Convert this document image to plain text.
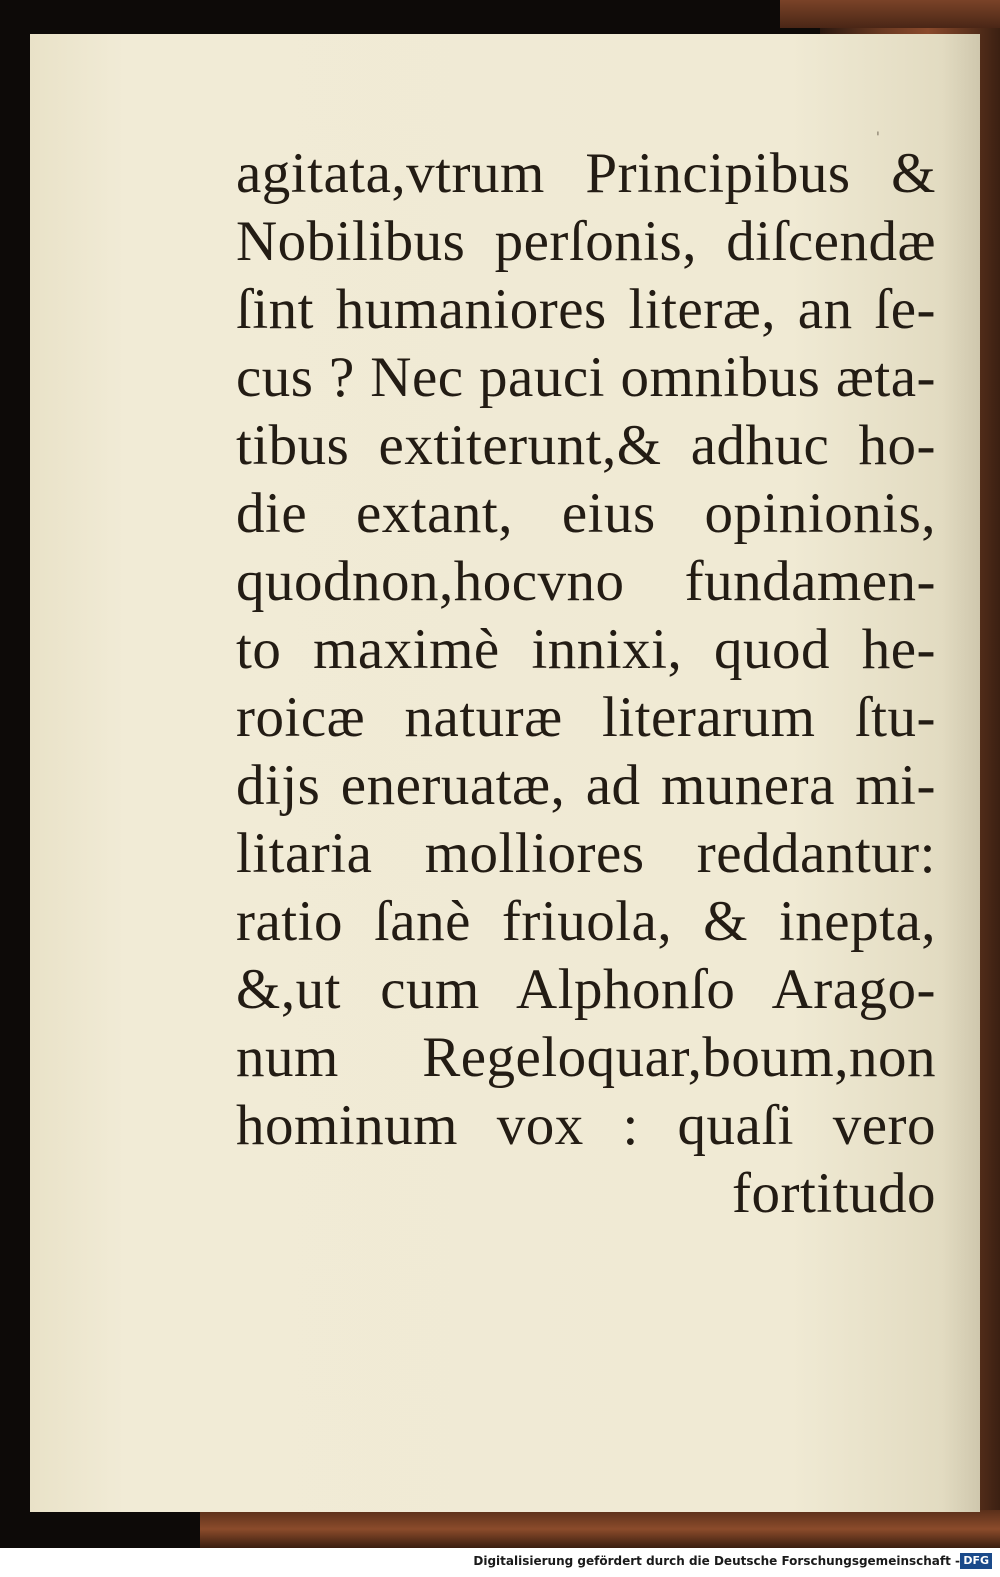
'
agitata,vtrum Principibus &
Nobilibus perſonis, diſcendæ
ſint humaniores literæ, an ſe-
cus ? Nec pauci omnibus æta-
tibus extiterunt,& adhuc ho-
die extant, eius opinionis,
quodnon,hocvno fundamen-
to maximè innixi, quod he-
roicæ naturæ literarum ſtu-
dijs eneruatæ, ad munera mi-
litaria molliores reddantur:
ratio ſanè friuola, & inepta,
&,ut cum Alphonſo Arago-
num Regeloquar,boum,non
hominum vox : quaſi vero
fortitudo
Digitalisierung gefördert durch die Deutsche Forschungsgemeinschaft - DFG
